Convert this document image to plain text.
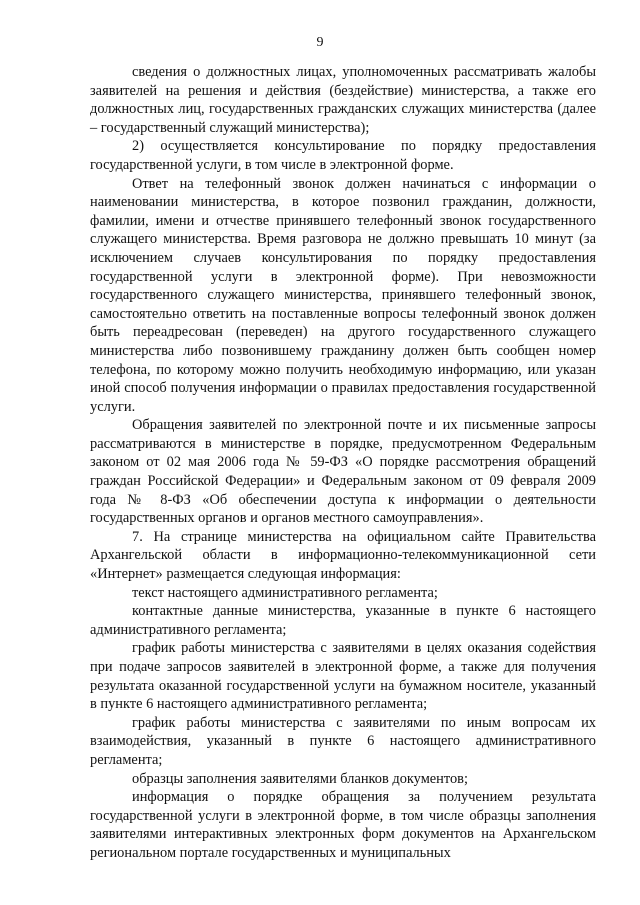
9

сведения о должностных лицах, уполномоченных рассматривать жалобы заявителей на решения и действия (бездействие) министерства, а также его должностных лиц, государственных гражданских служащих министерства (далее – государственный служащий министерства);

2) осуществляется консультирование по порядку предоставления государственной услуги, в том числе в электронной форме.

Ответ на телефонный звонок должен начинаться с информации о наименовании министерства, в которое позвонил гражданин, должности, фамилии, имени и отчестве принявшего телефонный звонок государственного служащего министерства. Время разговора не должно превышать 10 минут (за исключением случаев консультирования по порядку предоставления государственной услуги в электронной форме). При невозможности государственного служащего министерства, принявшего телефонный звонок, самостоятельно ответить на поставленные вопросы телефонный звонок должен быть переадресован (переведен) на другого государственного служащего министерства либо позвонившему гражданину должен быть сообщен номер телефона, по которому можно получить необходимую информацию, или указан иной способ получения информации о правилах предоставления государственной услуги.

Обращения заявителей по электронной почте и их письменные запросы рассматриваются в министерстве в порядке, предусмотренном Федеральным законом от 02 мая 2006 года № 59-ФЗ «О порядке рассмотрения обращений граждан Российской Федерации» и Федеральным законом от 09 февраля 2009 года № 8-ФЗ «Об обеспечении доступа к информации о деятельности государственных органов и органов местного самоуправления».

7. На странице министерства на официальном сайте Правительства Архангельской области в информационно-телекоммуникационной сети «Интернет» размещается следующая информация:

текст настоящего административного регламента;

контактные данные министерства, указанные в пункте 6 настоящего административного регламента;

график работы министерства с заявителями в целях оказания содействия при подаче запросов заявителей в электронной форме, а также для получения результата оказанной государственной услуги на бумажном носителе, указанный в пункте 6 настоящего административного регламента;

график работы министерства с заявителями по иным вопросам их взаимодействия, указанный в пункте 6 настоящего административного регламента;

образцы заполнения заявителями бланков документов;

информация о порядке обращения за получением результата государственной услуги в электронной форме, в том числе образцы заполнения заявителями интерактивных электронных форм документов на Архангельском региональном портале государственных и муниципальных
